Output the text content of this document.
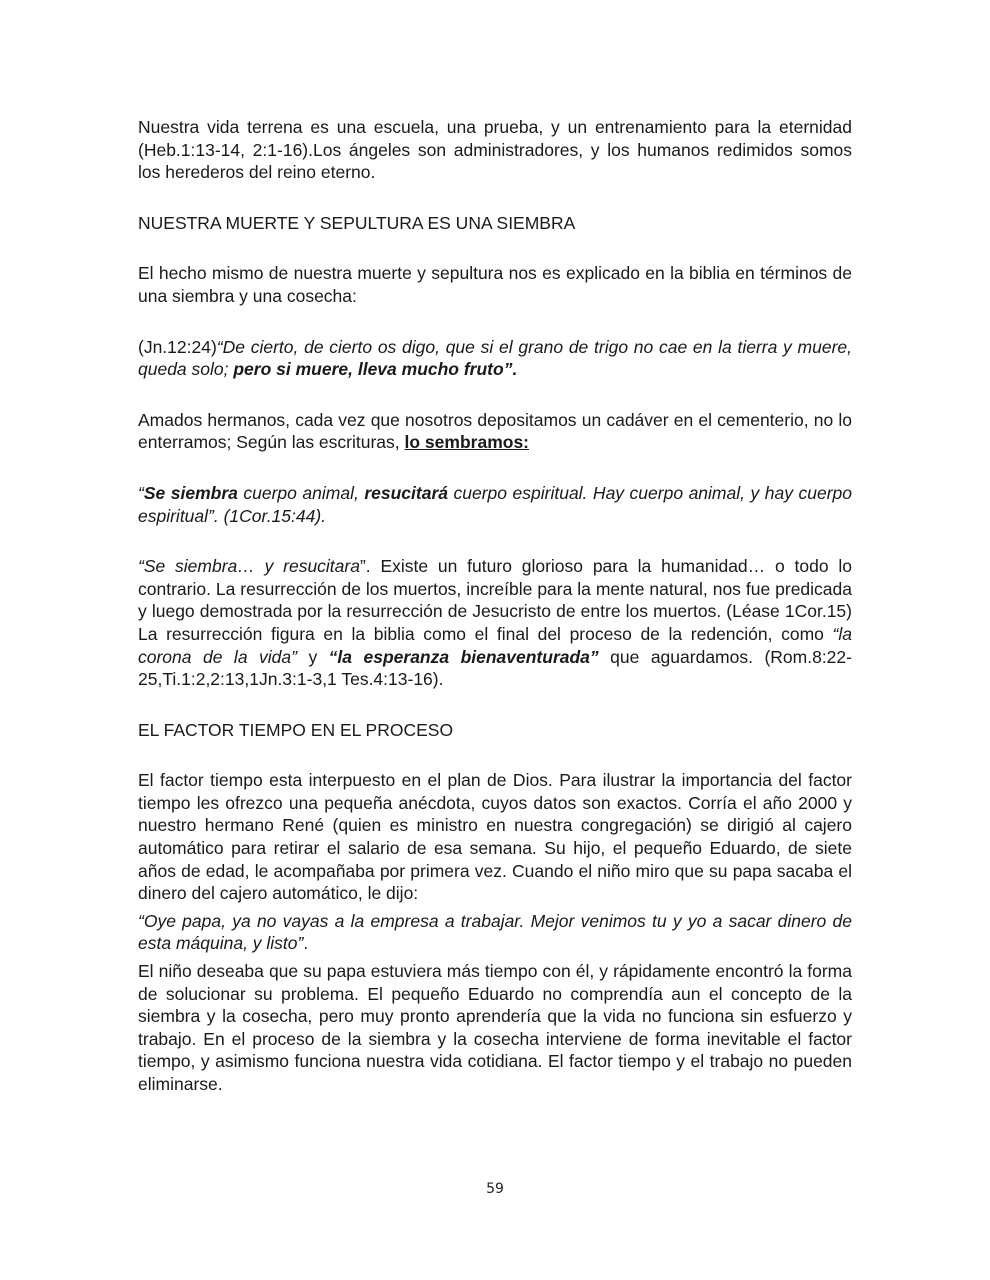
Nuestra vida terrena es una escuela, una prueba, y un entrenamiento para la eternidad (Heb.1:13-14, 2:1-16).Los ángeles son administradores, y los humanos redimidos somos los herederos del reino eterno.

NUESTRA MUERTE Y SEPULTURA ES UNA SIEMBRA

El hecho mismo de nuestra muerte y sepultura nos es explicado en la biblia en términos de una siembra y una cosecha:

(Jn.12:24)“De cierto, de cierto os digo, que si el grano de trigo no cae en la tierra y muere, queda solo; pero si muere, lleva mucho fruto”.

Amados hermanos, cada vez que nosotros depositamos un cadáver en el cementerio, no lo enterramos; Según las escrituras, lo sembramos:

“Se siembra cuerpo animal, resucitará cuerpo espiritual. Hay cuerpo animal, y hay cuerpo espiritual”. (1Cor.15:44).

“Se siembra… y resucitara”. Existe un futuro glorioso para la humanidad… o todo lo contrario. La resurrección de los muertos, increíble para la mente natural, nos fue predicada y luego demostrada por la resurrección de Jesucristo de entre los muertos. (Léase 1Cor.15) La resurrección figura en la biblia como el final del proceso de la redención, como “la corona de la vida” y “la esperanza bienaventurada” que aguardamos. (Rom.8:22-25,Ti.1:2,2:13,1Jn.3:1-3,1 Tes.4:13-16).

EL FACTOR TIEMPO EN EL PROCESO

El factor tiempo esta interpuesto en el plan de Dios. Para ilustrar la importancia del factor tiempo les ofrezco una pequeña anécdota, cuyos datos son exactos. Corría el año 2000 y nuestro hermano René (quien es ministro en nuestra congregación) se dirigió al cajero automático para retirar el salario de esa semana. Su hijo, el pequeño Eduardo, de siete años de edad, le acompañaba por primera vez. Cuando el niño miro que su papa sacaba el dinero del cajero automático, le dijo:

“Oye papa, ya no vayas a la empresa a trabajar. Mejor venimos tu y yo a sacar dinero de esta máquina, y listo”.

El niño deseaba que su papa estuviera más tiempo con él, y rápidamente encontró la forma de solucionar su problema. El pequeño Eduardo no comprendía aun el concepto de la siembra y la cosecha, pero muy pronto aprendería que la vida no funciona sin esfuerzo y trabajo. En el proceso de la siembra y la cosecha interviene de forma inevitable el factor tiempo, y asimismo funciona nuestra vida cotidiana. El factor tiempo y el trabajo no pueden eliminarse.

59
